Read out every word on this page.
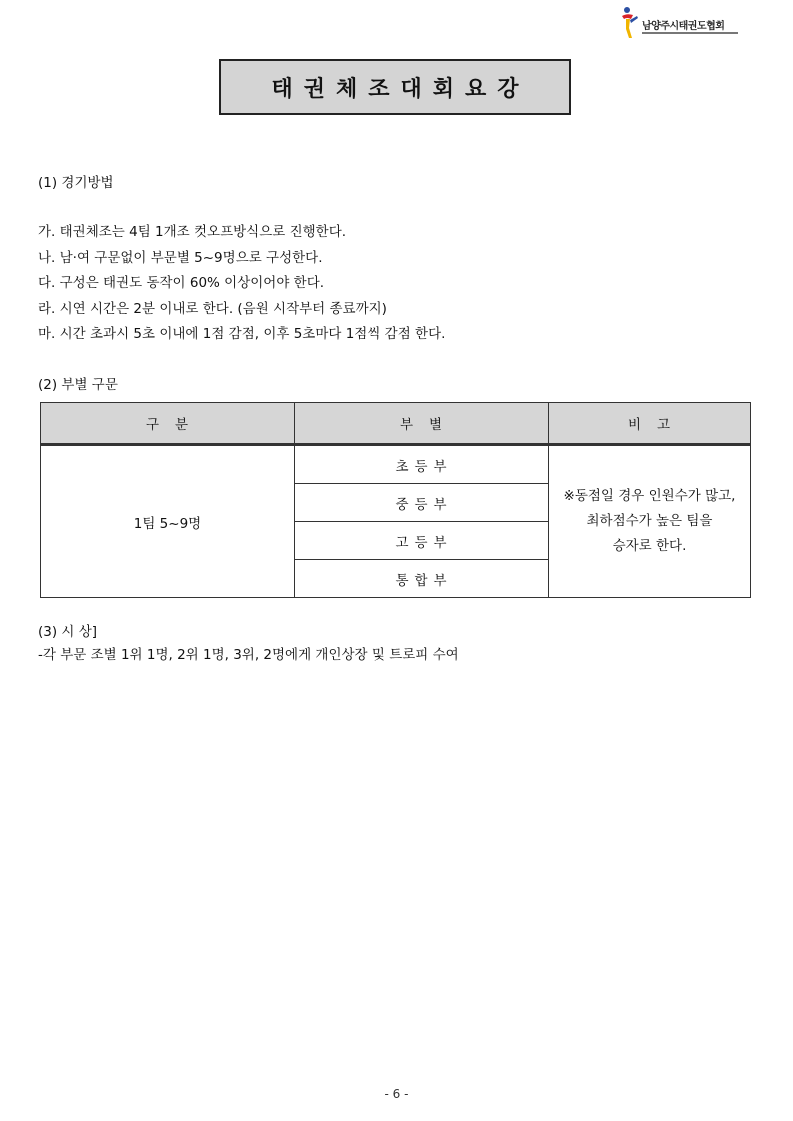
남양주시태권도협회
태권체조대회요강
(1) 경기방법
가. 태권체조는 4팀 1개조 컷오프방식으로 진행한다.
나. 남·여 구문없이 부문별 5~9명으로 구성한다.
다. 구성은 태권도 동작이 60% 이상이어야 한다.
라. 시연 시간은 2분 이내로 한다. (음원 시작부터 종료까지)
마. 시간 초과시 5초 이내에 1점 감점, 이후 5초마다 1점씩 감점 한다.
(2) 부별 구문
구분	부별	비고
1팀 5~9명	초등부	※동점일 경우 인원수가 많고,
최하점수가 높은 팀을
승자로 한다.

	중등부	
	고등부	
	통합부	
(3) 시 상]
-각 부문 조별 1위 1명, 2위 1명, 3위, 2명에게 개인상장 및 트로피 수여
- 6 -
